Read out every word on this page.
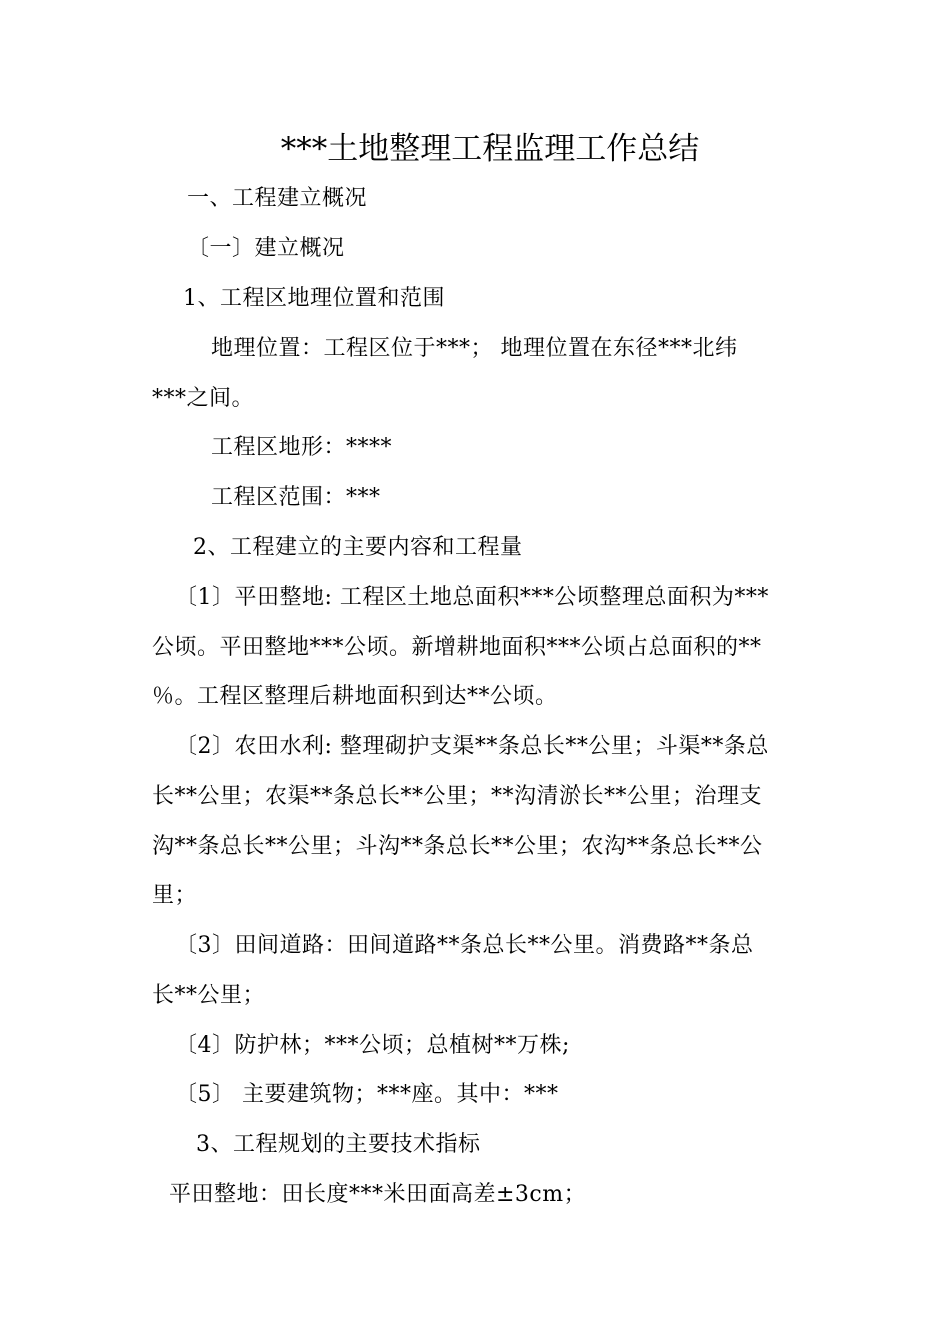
***土地整理工程监理工作总结
一、工程建立概况
〔一〕建立概况
1、工程区地理位置和范围
地理位置：工程区位于***； 地理位置在东径***北纬
***之间。
工程区地形：****
工程区范围：***
2、工程建立的主要内容和工程量
〔1〕平田整地: 工程区土地总面积***公顷整理总面积为***
公顷。平田整地***公顷。新增耕地面积***公顷占总面积的**
％。工程区整理后耕地面积到达**公顷。
〔2〕农田水利: 整理砌护支渠**条总长**公里；斗渠**条总
长**公里；农渠**条总长**公里；**沟清淤长**公里；治理支
沟**条总长**公里；斗沟**条总长**公里；农沟**条总长**公
里；
〔3〕田间道路：田间道路**条总长**公里。消费路**条总
长**公里；
〔4〕防护林；***公顷；总植树**万株;
〔5〕 主要建筑物；***座。其中：***
3、工程规划的主要技术指标
平田整地：田长度***米田面高差±3cm；
